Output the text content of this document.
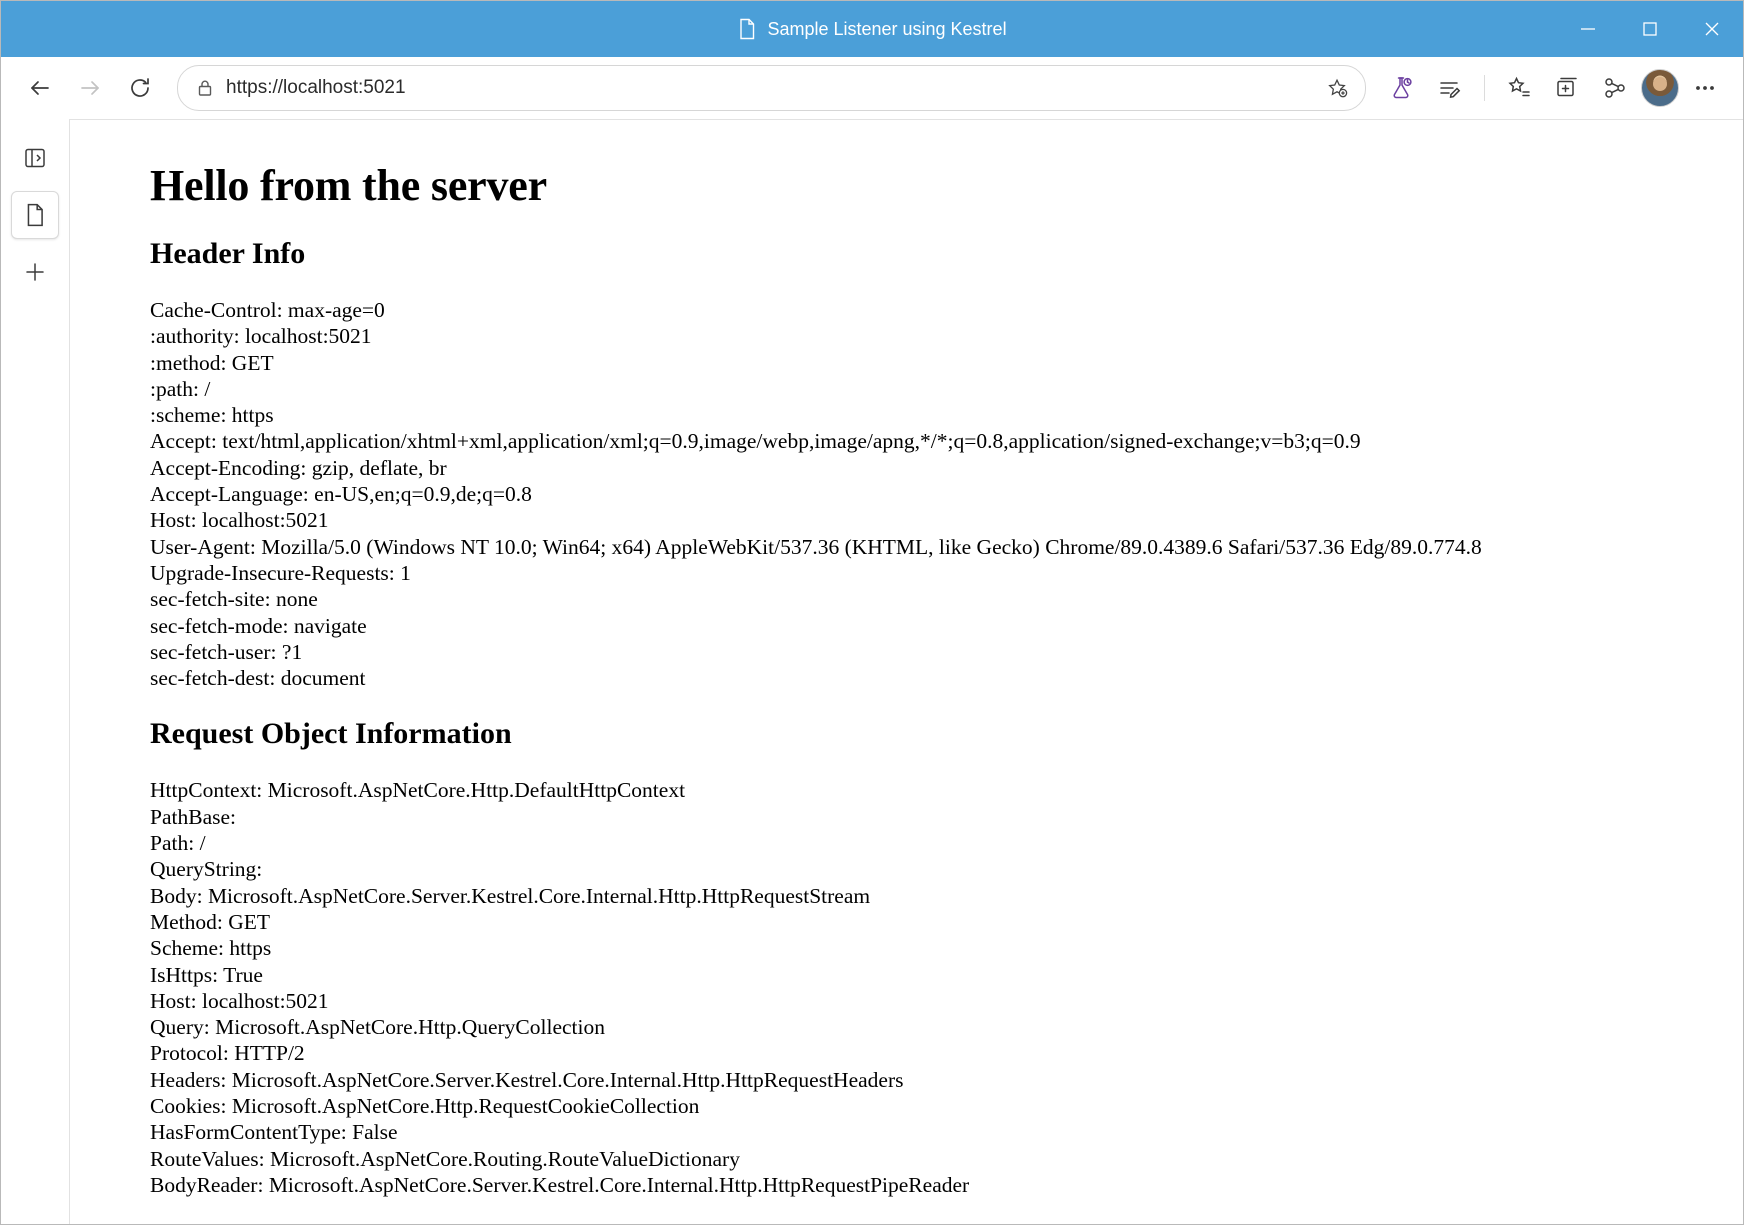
Sample Listener using Kestrel
https://localhost:5021
Hello from the server
Header Info
Cache-Control: max-age=0
:authority: localhost:5021
:method: GET
:path: /
:scheme: https
Accept: text/html,application/xhtml+xml,application/xml;q=0.9,image/webp,image/apng,*/*;q=0.8,application/signed-exchange;v=b3;q=0.9
Accept-Encoding: gzip, deflate, br
Accept-Language: en-US,en;q=0.9,de;q=0.8
Host: localhost:5021
User-Agent: Mozilla/5.0 (Windows NT 10.0; Win64; x64) AppleWebKit/537.36 (KHTML, like Gecko) Chrome/89.0.4389.6 Safari/537.36 Edg/89.0.774.8
Upgrade-Insecure-Requests: 1
sec-fetch-site: none
sec-fetch-mode: navigate
sec-fetch-user: ?1
sec-fetch-dest: document
Request Object Information
HttpContext: Microsoft.AspNetCore.Http.DefaultHttpContext
PathBase:
Path: /
QueryString:
Body: Microsoft.AspNetCore.Server.Kestrel.Core.Internal.Http.HttpRequestStream
Method: GET
Scheme: https
IsHttps: True
Host: localhost:5021
Query: Microsoft.AspNetCore.Http.QueryCollection
Protocol: HTTP/2
Headers: Microsoft.AspNetCore.Server.Kestrel.Core.Internal.Http.HttpRequestHeaders
Cookies: Microsoft.AspNetCore.Http.RequestCookieCollection
HasFormContentType: False
RouteValues: Microsoft.AspNetCore.Routing.RouteValueDictionary
BodyReader: Microsoft.AspNetCore.Server.Kestrel.Core.Internal.Http.HttpRequestPipeReader
